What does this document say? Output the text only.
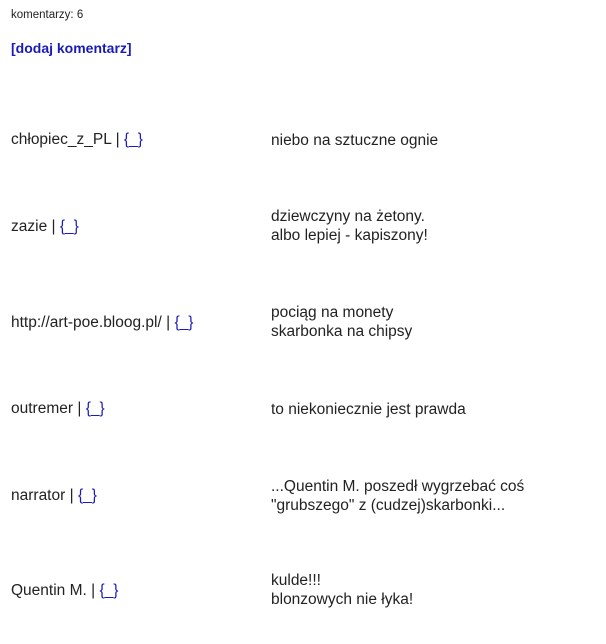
komentarzy: 6
[dodaj komentarz]
chłopiec_z_PL | {_}	niebo na sztuczne ognie
zazie | {_}
dziewczyny na żetony.
albo lepiej - kapiszony!
http://art-poe.bloog.pl/ | {_}
pociąg na monety
skarbonka na chipsy
outremer | {_}	to niekoniecznie jest prawda
narrator | {_}
...Quentin M. poszedł wygrzebać coś
"grubszego" z (cudzej)skarbonki...
Quentin M. | {_}
kulde!!!
blonzowych nie łyka!
